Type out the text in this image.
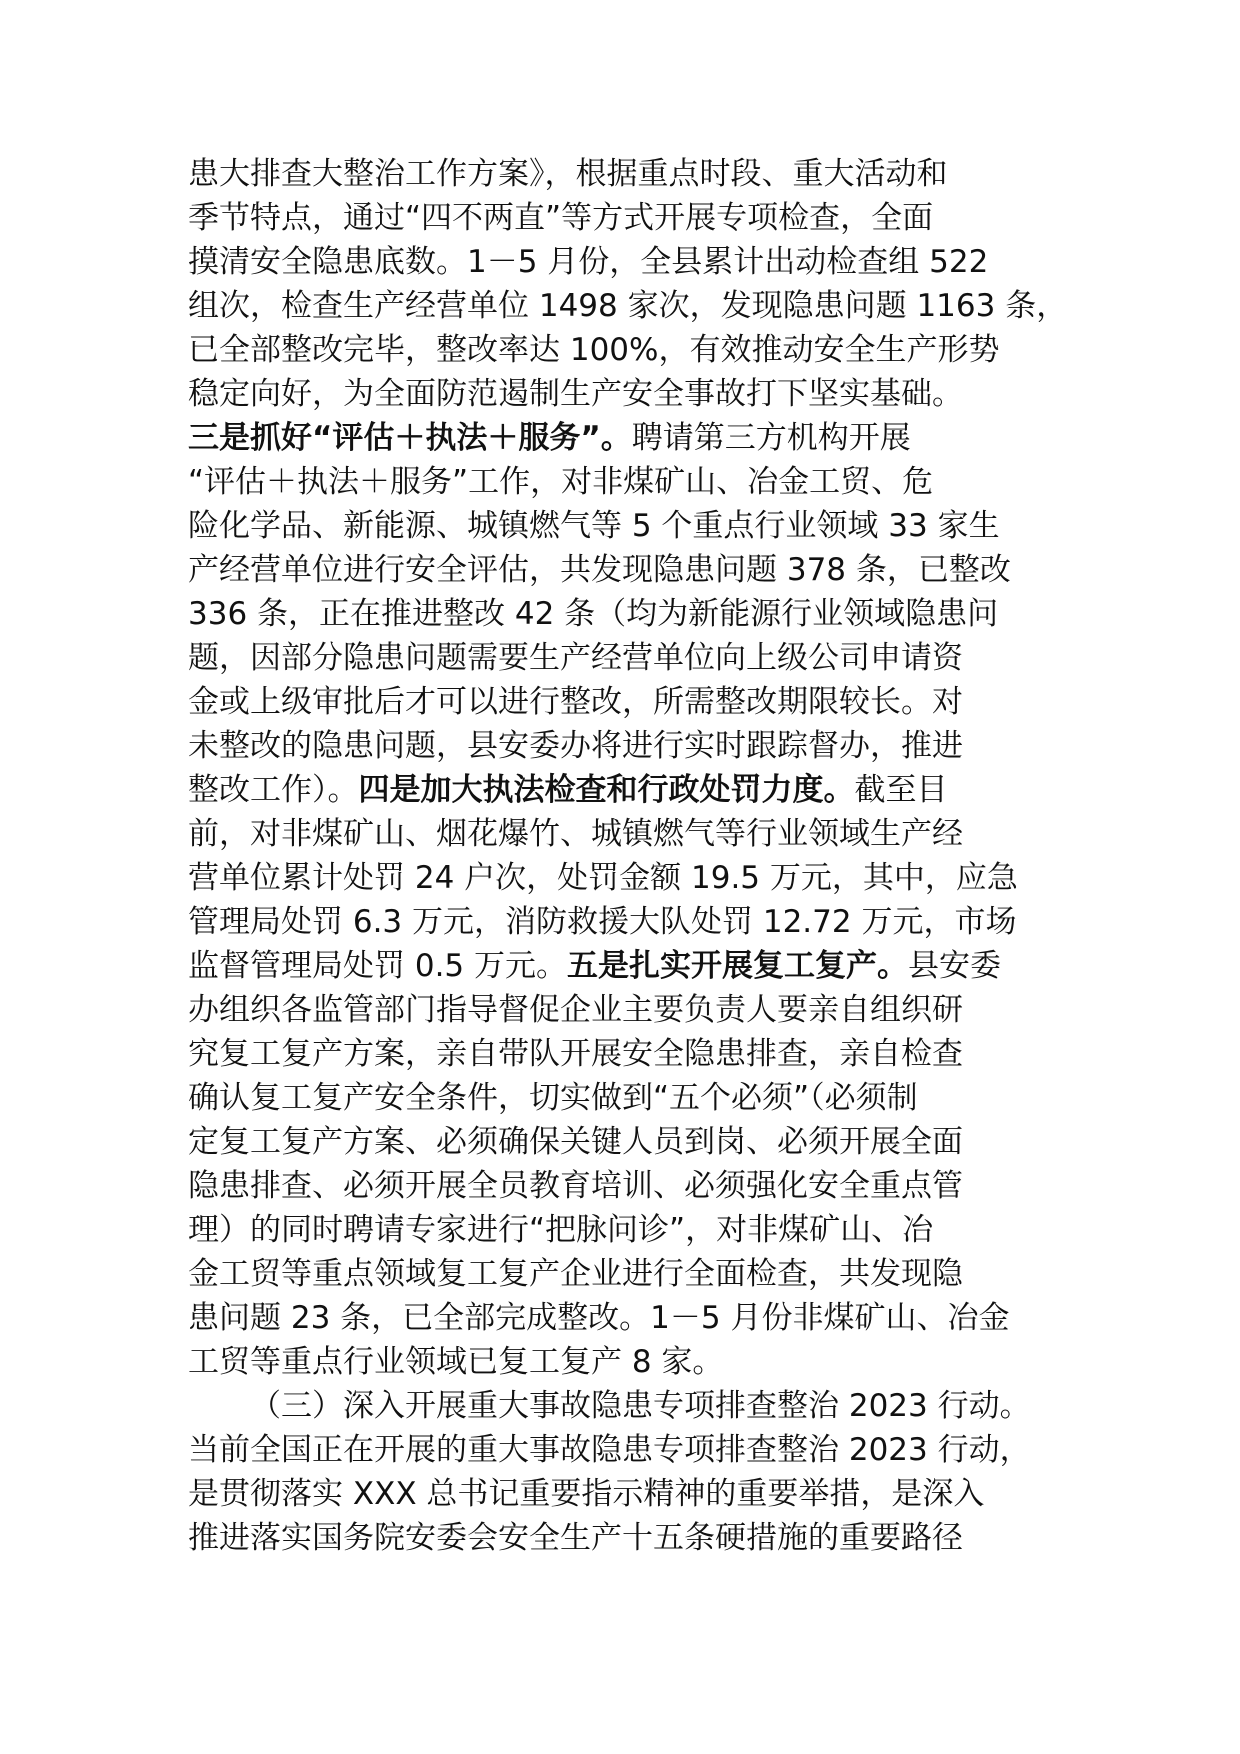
患大排查大整治工作方案》，根据重点时段、重大活动和
季节特点，通过“四不两直”等方式开展专项检查，全面
摸清安全隐患底数。1－5 月份，全县累计出动检查组 522
组次，检查生产经营单位 1498 家次，发现隐患问题 1163 条，
已全部整改完毕，整改率达 100%，有效推动安全生产形势
稳定向好，为全面防范遏制生产安全事故打下坚实基础。
三是抓好“评估＋执法＋服务”。聘请第三方机构开展
“评估＋执法＋服务”工作，对非煤矿山、冶金工贸、危
险化学品、新能源、城镇燃气等 5 个重点行业领域 33 家生
产经营单位进行安全评估，共发现隐患问题 378 条，已整改
336 条，正在推进整改 42 条（均为新能源行业领域隐患问
题，因部分隐患问题需要生产经营单位向上级公司申请资
金或上级审批后才可以进行整改，所需整改期限较长。对
未整改的隐患问题，县安委办将进行实时跟踪督办，推进
整改工作）。四是加大执法检查和行政处罚力度。截至目
前，对非煤矿山、烟花爆竹、城镇燃气等行业领域生产经
营单位累计处罚 24 户次，处罚金额 19.5 万元，其中，应急
管理局处罚 6.3 万元，消防救援大队处罚 12.72 万元，市场
监督管理局处罚 0.5 万元。五是扎实开展复工复产。县安委
办组织各监管部门指导督促企业主要负责人要亲自组织研
究复工复产方案，亲自带队开展安全隐患排查，亲自检查
确认复工复产安全条件，切实做到“五个必须”（必须制
定复工复产方案、必须确保关键人员到岗、必须开展全面
隐患排查、必须开展全员教育培训、必须强化安全重点管
理）的同时聘请专家进行“把脉问诊”，对非煤矿山、冶
金工贸等重点领域复工复产企业进行全面检查，共发现隐
患问题 23 条，已全部完成整改。1－5 月份非煤矿山、冶金
工贸等重点行业领域已复工复产 8 家。
（三）深入开展重大事故隐患专项排查整治 2023 行动。
当前全国正在开展的重大事故隐患专项排查整治 2023 行动，
是贯彻落实 XXX 总书记重要指示精神的重要举措，是深入
推进落实国务院安委会安全生产十五条硬措施的重要路径
